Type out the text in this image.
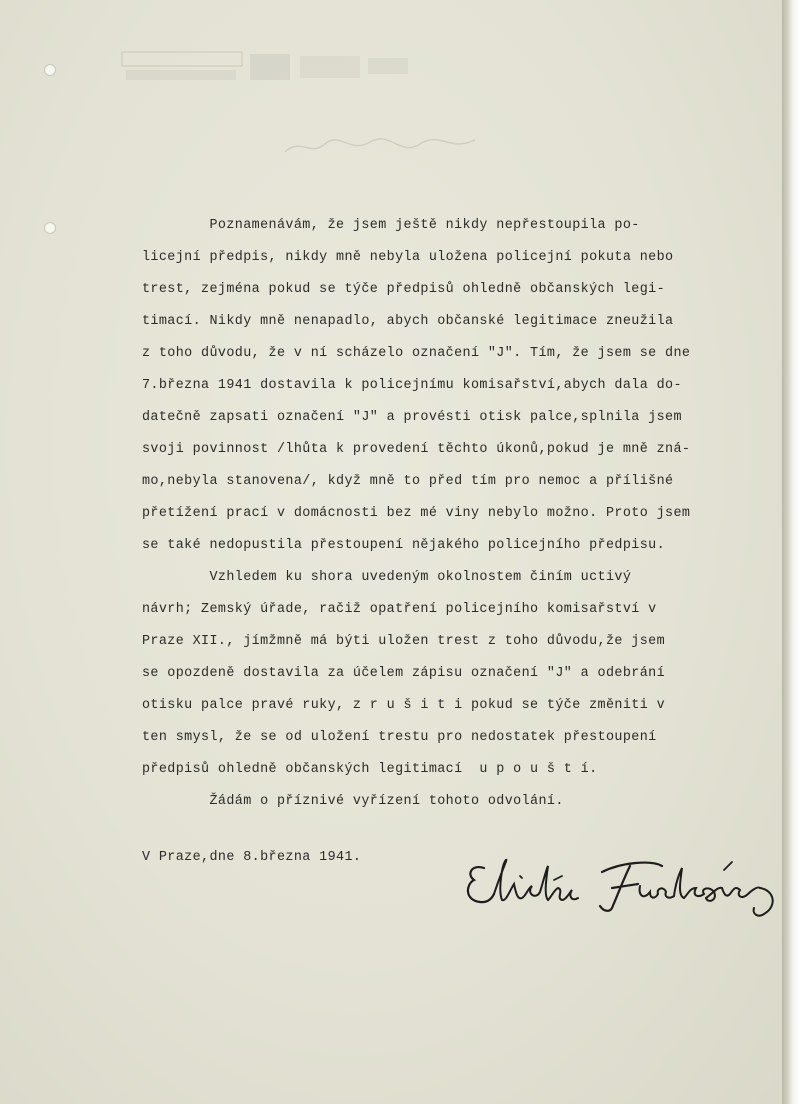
Poznamenávám, že jsem ještě nikdy nepřestoupila po-

licejní předpis, nikdy mně nebyla uložena policejní pokuta nebo

trest, zejména pokud se týče předpisů ohledně občanských legi-

timací. Nikdy mně nenapadlo, abych občanské legitimace zneužila

z toho důvodu, že v ní scházelo označení "J". Tím, že jsem se dne

7.března 1941 dostavila k policejnímu komisařství,abych dala do-

datečně zapsati označení "J" a provésti otisk palce,splnila jsem

svoji povinnost /lhůta k provedení těchto úkonů,pokud je mně zná-

mo,nebyla stanovena/, když mně to před tím pro nemoc a přílišné

přetížení prací v domácnosti bez mé viny nebylo možno. Proto jsem

se také nedopustila přestoupení nějakého policejního předpisu.

Vzhledem ku shora uvedeným okolnostem činím uctivý

návrh; Zemský úřade, račiž opatření policejního komisařství v

Praze XII., jímžmně má býti uložen trest z toho důvodu,že jsem

se opozdeně dostavila za účelem zápisu označení "J" a odebrání

otisku palce pravé ruky, z r u š i t i pokud se týče změniti v

ten smysl, že se od uložení trestu pro nedostatek přestoupení

předpisů ohledně občanských legitimací  u p o u š t í.

Žádám o příznivé vyřízení tohoto odvolání.

V Praze,dne 8.března 1941.
